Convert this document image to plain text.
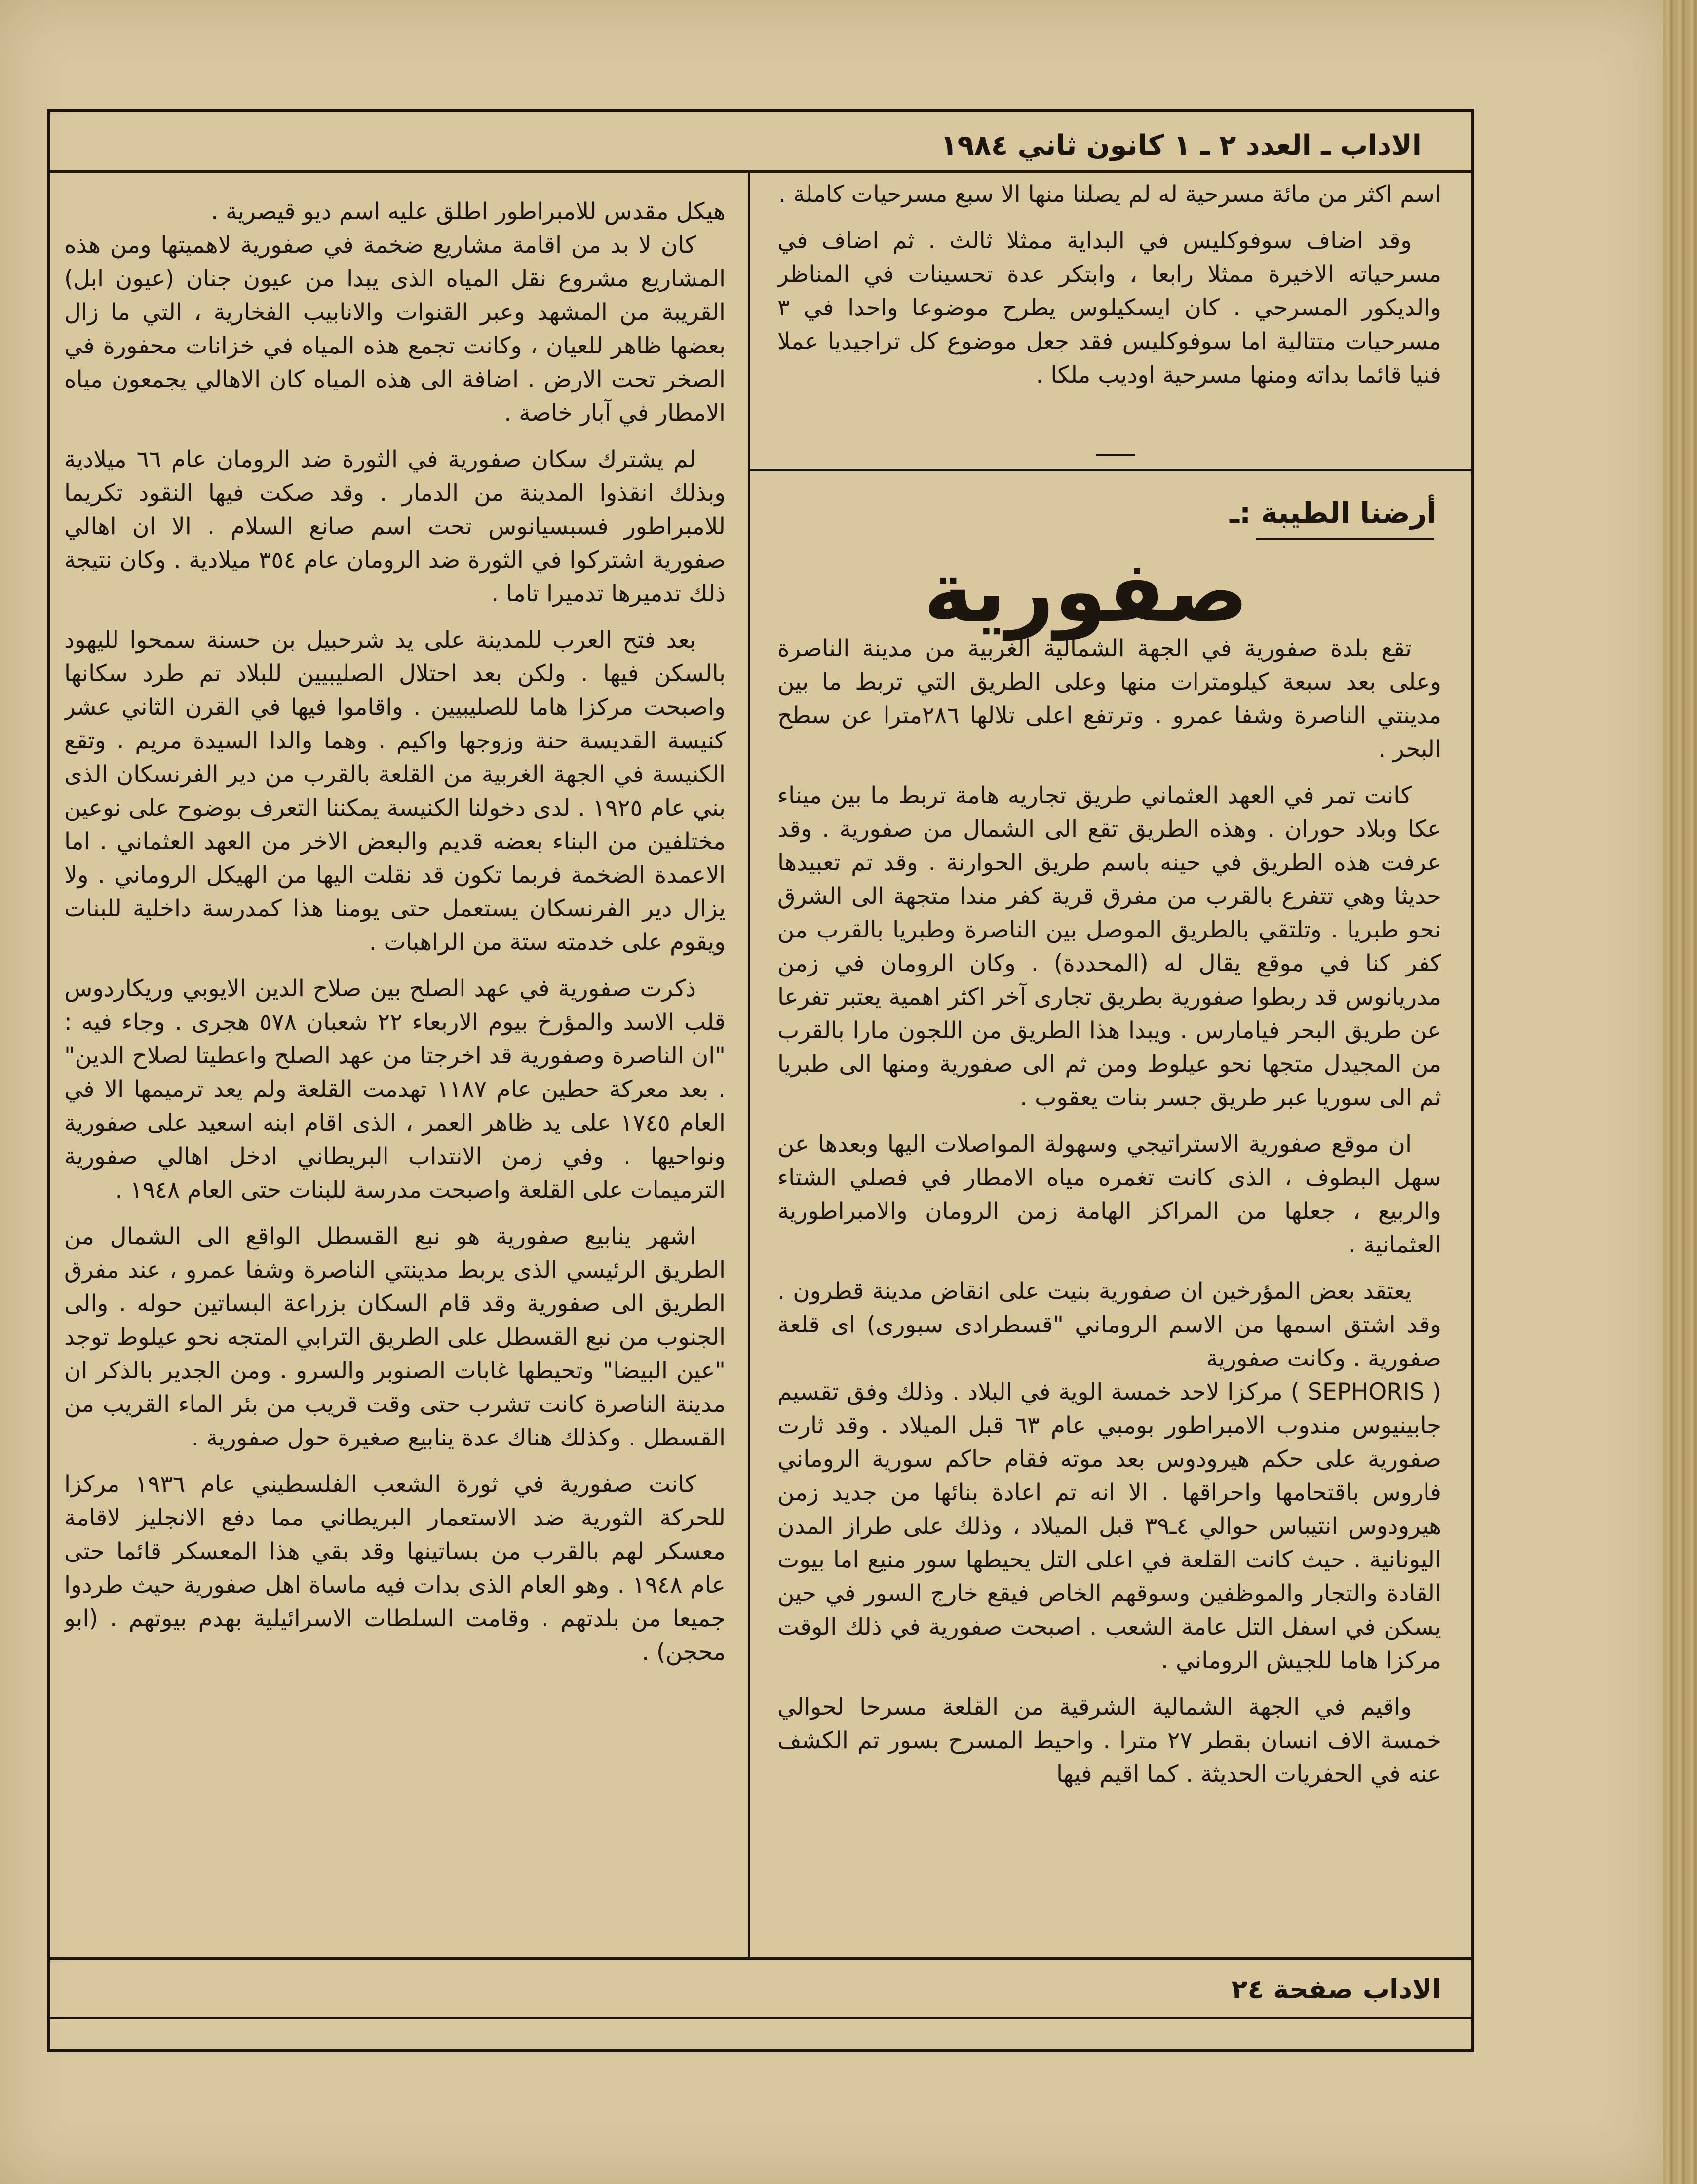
الاداب ـ العدد ٢ ـ ١ كانون ثاني ١٩٨٤

اسم اكثر من مائة مسرحية له لم يصلنا منها الا سبع مسرحيات كاملة .

وقد اضاف سوفوكليس في البداية ممثلا ثالث . ثم اضاف في مسرحياته الاخيرة ممثلا رابعا ، وابتكر عدة تحسينات في المناظر والديكور المسرحي . كان ايسكيلوس يطرح موضوعا واحدا في ٣ مسرحيات متتالية اما سوفوكليس فقد جعل موضوع كل تراجيديا عملا فنيا قائما بداته ومنها مسرحية اوديب ملكا .

أرضنا الطيبة :ـ
صفورية

تقع بلدة صفورية في الجهة الشمالية الغربية من مدينة الناصرة وعلى بعد سبعة كيلومترات منها وعلى الطريق التي تربط ما بين مدينتي الناصرة وشفا عمرو . وترتفع اعلى تلالها ٢٨٦مترا عن سطح البحر .

كانت تمر في العهد العثماني طريق تجاريه هامة تربط ما بين ميناء عكا وبلاد حوران . وهذه الطريق تقع الى الشمال من صفورية . وقد عرفت هذه الطريق في حينه باسم طريق الحوارنة . وقد تم تعبيدها حديثا وهي تتفرع بالقرب من مفرق قرية كفر مندا متجهة الى الشرق نحو طبريا . وتلتقي بالطريق الموصل بين الناصرة وطبريا بالقرب من كفر كنا في موقع يقال له (المحددة) . وكان الرومان في زمن مدريانوس قد ربطوا صفورية بطريق تجارى آخر اكثر اهمية يعتبر تفرعا عن طريق البحر فيامارس . ويبدا هذا الطريق من اللجون مارا بالقرب من المجيدل متجها نحو عيلوط ومن ثم الى صفورية ومنها الى طبريا ثم الى سوريا عبر طريق جسر بنات يعقوب .

ان موقع صفورية الاستراتيجي وسهولة المواصلات اليها وبعدها عن سهل البطوف ، الذى كانت تغمره مياه الامطار في فصلي الشتاء والربيع ، جعلها من المراكز الهامة زمن الرومان والامبراطورية العثمانية .

يعتقد بعض المؤرخين ان صفورية بنيت على انقاض مدينة قطرون . وقد اشتق اسمها من الاسم الروماني "قسطرادى سبورى) اى قلعة صفورية . وكانت صفورية

( SEPHORIS ) مركزا لاحد خمسة الوية في البلاد . وذلك وفق تقسيم جابينيوس مندوب الامبراطور بومبي عام ٦٣ قبل الميلاد . وقد ثارت صفورية على حكم هيرودوس بعد موته فقام حاكم سورية الروماني فاروس باقتحامها واحراقها . الا انه تم اعادة بنائها من جديد زمن هيرودوس انتيباس حوالي ٤ـ٣٩ قبل الميلاد ، وذلك على طراز المدن اليونانية . حيث كانت القلعة في اعلى التل يحيطها سور منيع اما بيوت القادة والتجار والموظفين وسوقهم الخاص فيقع خارج السور في حين يسكن في اسفل التل عامة الشعب . اصبحت صفورية في ذلك الوقت مركزا هاما للجيش الروماني .

واقيم في الجهة الشمالية الشرقية من القلعة مسرحا لحوالي خمسة الاف انسان بقطر ٢٧ مترا . واحيط المسرح بسور تم الكشف عنه في الحفريات الحديثة . كما اقيم فيها

هيكل مقدس للامبراطور اطلق عليه اسم ديو قيصرية .

كان لا بد من اقامة مشاريع ضخمة في صفورية لاهميتها ومن هذه المشاريع مشروع نقل المياه الذى يبدا من عيون جنان (عيون ابل) القريبة من المشهد وعبر القنوات والانابيب الفخارية ، التي ما زال بعضها ظاهر للعيان ، وكانت تجمع هذه المياه في خزانات محفورة في الصخر تحت الارض . اضافة الى هذه المياه كان الاهالي يجمعون مياه الامطار في آبار خاصة .

لم يشترك سكان صفورية في الثورة ضد الرومان عام ٦٦ ميلادية وبذلك انقذوا المدينة من الدمار . وقد صكت فيها النقود تكريما للامبراطور فسبسيانوس تحت اسم صانع السلام . الا ان اهالي صفورية اشتركوا في الثورة ضد الرومان عام ٣٥٤ ميلادية . وكان نتيجة ذلك تدميرها تدميرا تاما .

بعد فتح العرب للمدينة على يد شرحبيل بن حسنة سمحوا لليهود بالسكن فيها . ولكن بعد احتلال الصليبيين للبلاد تم طرد سكانها واصبحت مركزا هاما للصليبيين . واقاموا فيها في القرن الثاني عشر كنيسة القديسة حنة وزوجها واكيم . وهما والدا السيدة مريم . وتقع الكنيسة في الجهة الغربية من القلعة بالقرب من دير الفرنسكان الذى بني عام ١٩٢٥ . لدى دخولنا الكنيسة يمكننا التعرف بوضوح على نوعين مختلفين من البناء بعضه قديم والبعض الاخر من العهد العثماني . اما الاعمدة الضخمة فربما تكون قد نقلت اليها من الهيكل الروماني . ولا يزال دير الفرنسكان يستعمل حتى يومنا هذا كمدرسة داخلية للبنات ويقوم على خدمته ستة من الراهبات .

ذكرت صفورية في عهد الصلح بين صلاح الدين الايوبي وريكاردوس قلب الاسد والمؤرخ بيوم الاربعاء ٢٢ شعبان ٥٧٨ هجرى . وجاء فيه : "ان الناصرة وصفورية قد اخرجتا من عهد الصلح واعطيتا لصلاح الدين" . بعد معركة حطين عام ١١٨٧ تهدمت القلعة ولم يعد ترميمها الا في العام ١٧٤٥ على يد ظاهر العمر ، الذى اقام ابنه اسعيد على صفورية ونواحيها . وفي زمن الانتداب البريطاني ادخل اهالي صفورية الترميمات على القلعة واصبحت مدرسة للبنات حتى العام ١٩٤٨ .

اشهر ينابيع صفورية هو نبع القسطل الواقع الى الشمال من الطريق الرئيسي الذى يربط مدينتي الناصرة وشفا عمرو ، عند مفرق الطريق الى صفورية وقد قام السكان بزراعة البساتين حوله . والى الجنوب من نبع القسطل على الطريق الترابي المتجه نحو عيلوط توجد "عين البيضا" وتحيطها غابات الصنوبر والسرو . ومن الجدير بالذكر ان مدينة الناصرة كانت تشرب حتى وقت قريب من بئر الماء القريب من القسطل . وكذلك هناك عدة ينابيع صغيرة حول صفورية .

كانت صفورية في ثورة الشعب الفلسطيني عام ١٩٣٦ مركزا للحركة الثورية ضد الاستعمار البريطاني مما دفع الانجليز لاقامة معسكر لهم بالقرب من بساتينها وقد بقي هذا المعسكر قائما حتى عام ١٩٤٨ . وهو العام الذى بدات فيه ماساة اهل صفورية حيث طردوا جميعا من بلدتهم . وقامت السلطات الاسرائيلية بهدم بيوتهم . (ابو محجن) .

الاداب صفحة ٢٤
